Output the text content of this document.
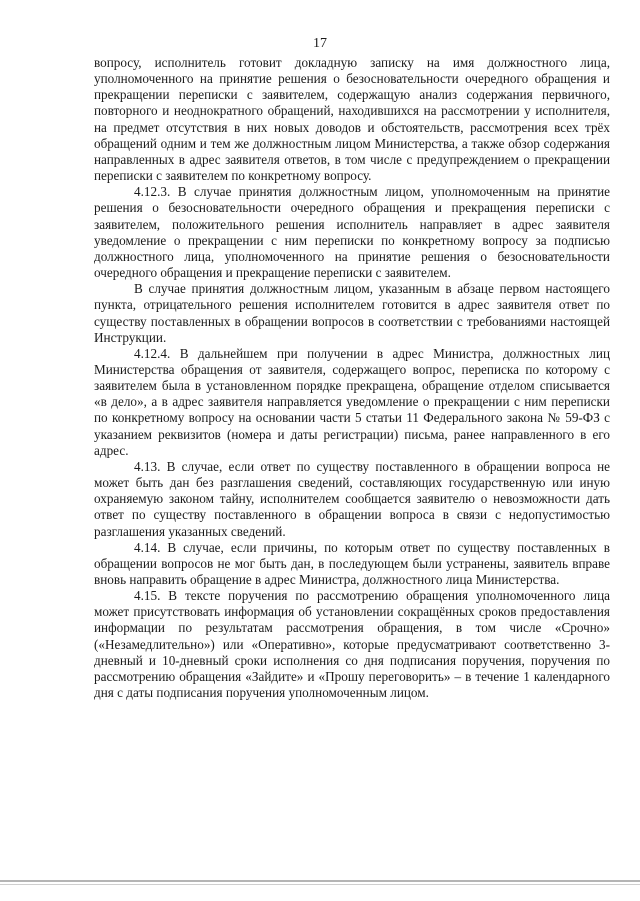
17

вопросу, исполнитель готовит докладную записку на имя должностного лица, уполномоченного на принятие решения о безосновательности очередного обращения и прекращении переписки с заявителем, содержащую анализ содержания первичного, повторного и неоднократного обращений, находившихся на рассмотрении у исполнителя, на предмет отсутствия в них новых доводов и обстоятельств, рассмотрения всех трёх обращений одним и тем же должностным лицом Министерства, а также обзор содержания направленных в адрес заявителя ответов, в том числе с предупреждением о прекращении переписки с заявителем по конкретному вопросу.

4.12.3. В случае принятия должностным лицом, уполномоченным на принятие решения о безосновательности очередного обращения и прекращения переписки с заявителем, положительного решения исполнитель направляет в адрес заявителя уведомление о прекращении с ним переписки по конкретному вопросу за подписью должностного лица, уполномоченного на принятие решения о безосновательности очередного обращения и прекращение переписки с заявителем.

В случае принятия должностным лицом, указанным в абзаце первом настоящего пункта, отрицательного решения исполнителем готовится в адрес заявителя ответ по существу поставленных в обращении вопросов в соответствии с требованиями настоящей Инструкции.

4.12.4. В дальнейшем при получении в адрес Министра, должностных лиц Министерства обращения от заявителя, содержащего вопрос, переписка по которому с заявителем была в установленном порядке прекращена, обращение отделом списывается «в дело», а в адрес заявителя направляется уведомление о прекращении с ним переписки по конкретному вопросу на основании части 5 статьи 11 Федерального закона № 59-ФЗ с указанием реквизитов (номера и даты регистрации) письма, ранее направленного в его адрес.

4.13. В случае, если ответ по существу поставленного в обращении вопроса не может быть дан без разглашения сведений, составляющих государственную или иную охраняемую законом тайну, исполнителем сообщается заявителю о невозможности дать ответ по существу поставленного в обращении вопроса в связи с недопустимостью разглашения указанных сведений.

4.14. В случае, если причины, по которым ответ по существу поставленных в обращении вопросов не мог быть дан, в последующем были устранены, заявитель вправе вновь направить обращение в адрес Министра, должностного лица Министерства.

4.15. В тексте поручения по рассмотрению обращения уполномоченного лица может присутствовать информация об установлении сокращённых сроков предоставления информации по результатам рассмотрения обращения, в том числе «Срочно» («Незамедлительно») или «Оперативно», которые предусматривают соответственно 3-дневный и 10-дневный сроки исполнения со дня подписания поручения, поручения по рассмотрению обращения «Зайдите» и «Прошу переговорить» – в течение 1 календарного дня с даты подписания поручения уполномоченным лицом.
